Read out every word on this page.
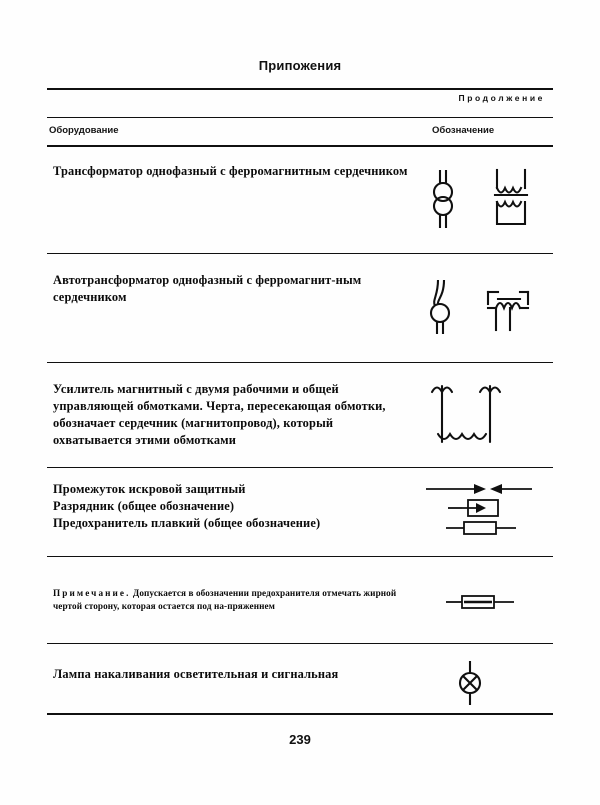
Припожения
Продолжение
Оборудование	Обозначение
Трансформатор однофазный с ферромагнитным сердечником
Автотрансформатор однофазный с ферромагнит-ным сердечником
Усилитель магнитный с двумя рабочими и общей управляющей обмотками. Черта, пересекающая обмотки, обозначает сердечник (магнитопровод), который охватывается этими обмотками
Промежуток искровой защитный
Разрядник (общее обозначение)
Предохранитель плавкий (общее обозначение)
Примечание. Допускается в обозначении предохранителя отмечать жирной чертой сторону, которая остается под на-пряженнем
Лампа накаливания осветительная и сигнальная
239
